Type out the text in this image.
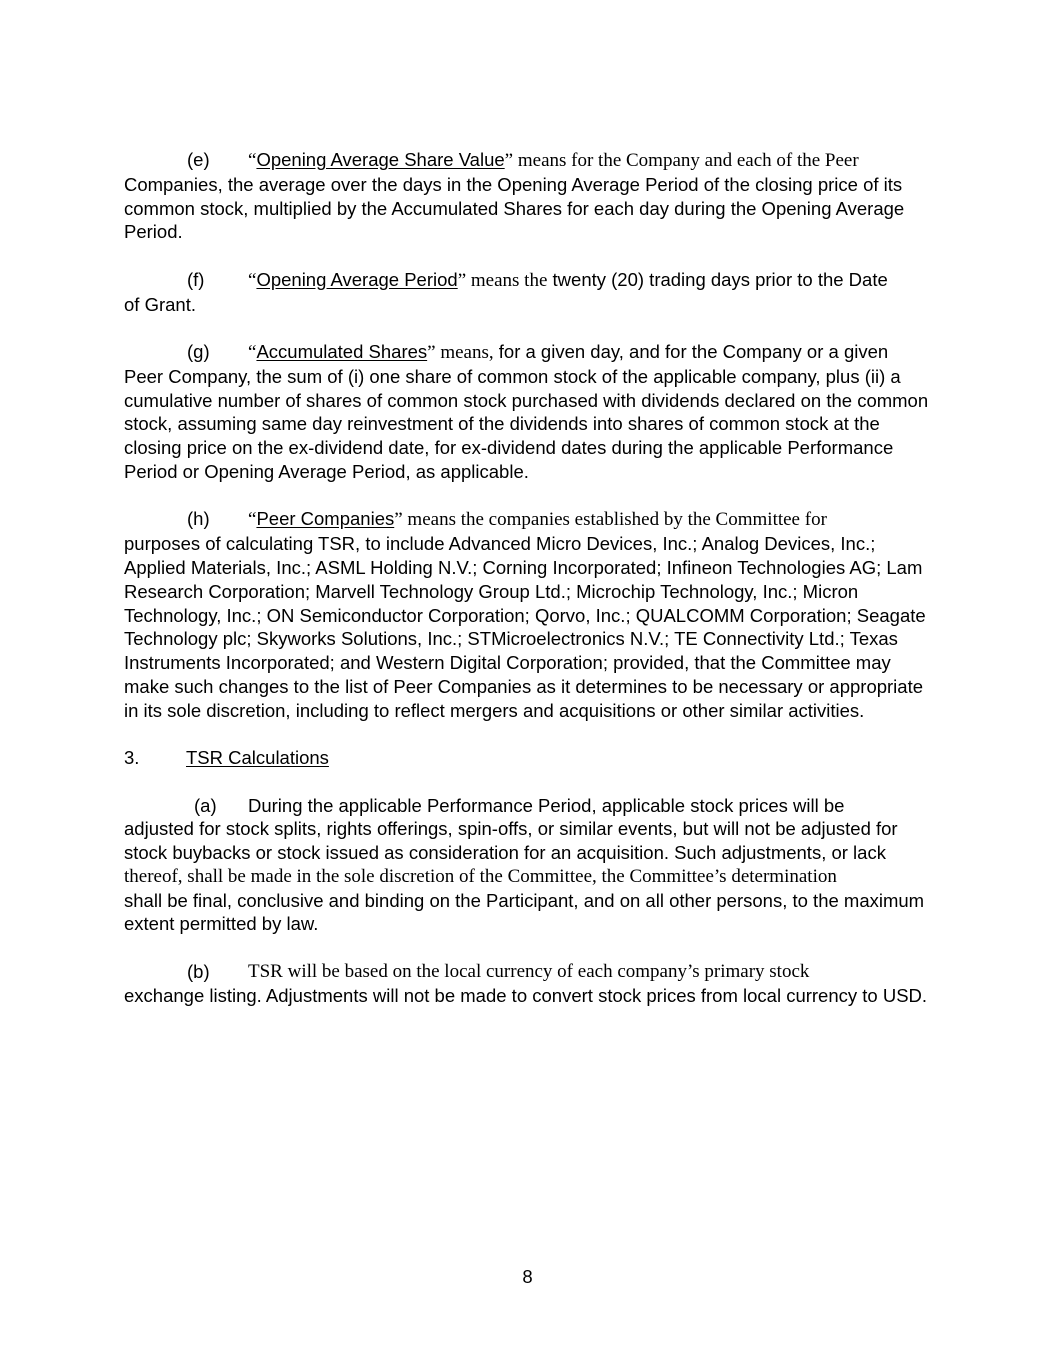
(e)	“Opening Average Share Value” means for the Company and each of the Peer
Companies, the average over the days in the Opening Average Period of the closing price of its common stock, multiplied by the Accumulated Shares for each day during the Opening Average Period.
(f)	“Opening Average Period” means the twenty (20) trading days prior to the Date
of Grant.
(g)	“Accumulated Shares” means, for a given day, and for the Company or a given
Peer Company, the sum of (i) one share of common stock of the applicable company, plus (ii) a cumulative number of shares of common stock purchased with dividends declared on the common stock, assuming same day reinvestment of the dividends into shares of common stock at the closing price on the ex-dividend date, for ex-dividend dates during the applicable Performance Period or Opening Average Period, as applicable.
(h)	“Peer Companies” means the companies established by the Committee for
purposes of calculating TSR, to include Advanced Micro Devices, Inc.; Analog Devices, Inc.; Applied Materials, Inc.; ASML Holding N.V.; Corning Incorporated; Infineon Technologies AG; Lam Research Corporation; Marvell Technology Group Ltd.; Microchip Technology, Inc.; Micron Technology, Inc.; ON Semiconductor Corporation; Qorvo, Inc.; QUALCOMM Corporation; Seagate Technology plc; Skyworks Solutions, Inc.; STMicroelectronics N.V.; TE Connectivity Ltd.; Texas Instruments Incorporated; and Western Digital Corporation; provided, that the Committee may make such changes to the list of Peer Companies as it determines to be necessary or appropriate in its sole discretion, including to reflect mergers and acquisitions or other similar activities.
3.	TSR Calculations
(a)	During the applicable Performance Period, applicable stock prices will be
adjusted for stock splits, rights offerings, spin-offs, or similar events, but will not be adjusted for
stock buybacks or stock issued as consideration for an acquisition. Such adjustments, or lack
thereof, shall be made in the sole discretion of the Committee, the Committee’s determination
shall be final, conclusive and binding on the Participant, and on all other persons, to the maximum extent permitted by law.
(b)	TSR will be based on the local currency of each company’s primary stock
exchange listing. Adjustments will not be made to convert stock prices from local currency to USD.
8
